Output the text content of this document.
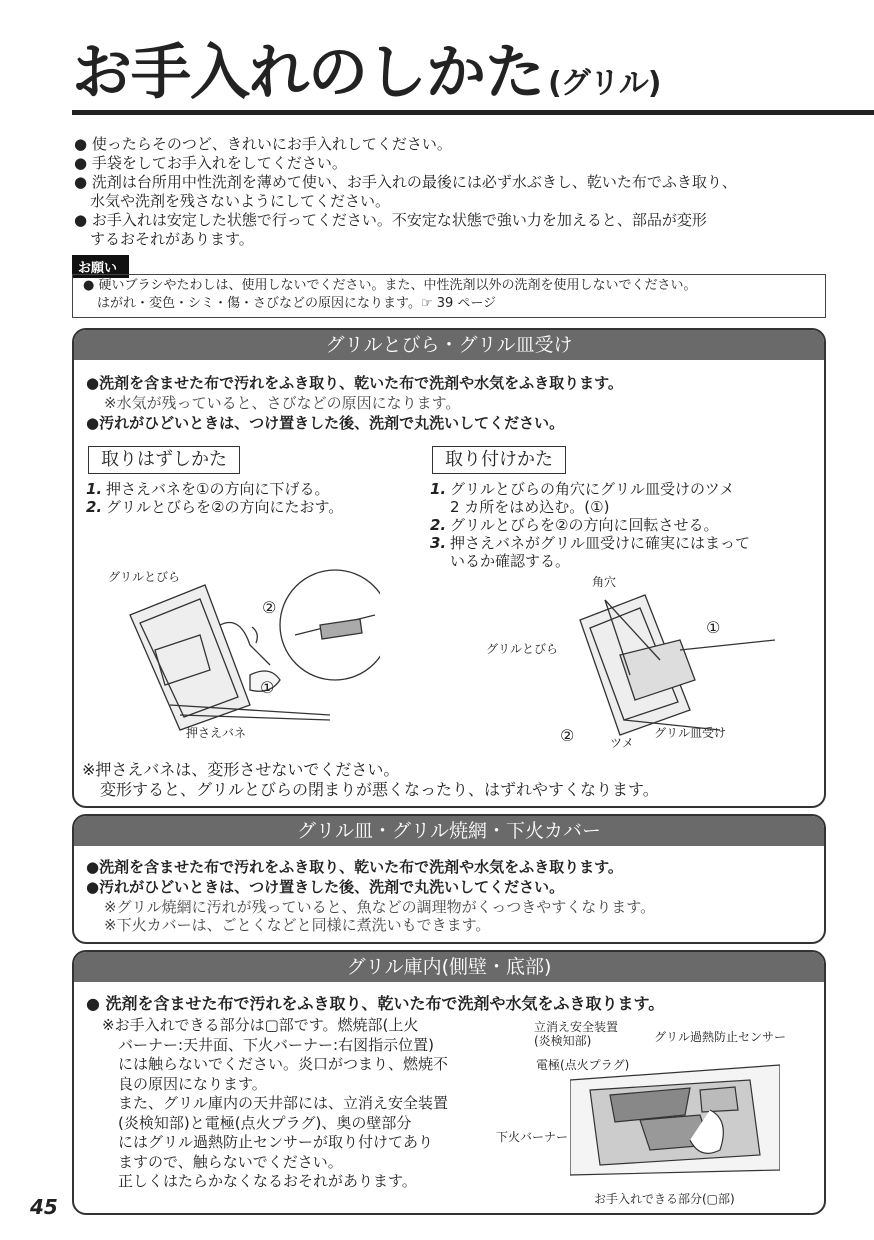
お手入れのしかた (グリル)

● 使ったらそのつど、きれいにお手入れしてください。

● 手袋をしてお手入れをしてください。

● 洗剤は台所用中性洗剤を薄めて使い、お手入れの最後には必ず水ぶきし、乾いた布でふき取り、

水気や洗剤を残さないようにしてください。

● お手入れは安定した状態で行ってください。不安定な状態で強い力を加えると、部品が変形

するおそれがあります。

お願い
● 硬いブラシやたわしは、使用しないでください。また、中性洗剤以外の洗剤を使用しないでください。
はがれ・変色・シミ・傷・さびなどの原因になります。☞ 39 ページ
グリルとびら・グリル皿受け
●洗剤を含ませた布で汚れをふき取り、乾いた布で洗剤や水気をふき取ります。
※水気が残っていると、さびなどの原因になります。
●汚れがひどいときは、つけ置きした後、洗剤で丸洗いしてください。
取りはずしかた
1. 押さえバネを①の方向に下げる。
2. グリルとびらを②の方向にたおす。
取り付けかた
1. グリルとびらの角穴にグリル皿受けのツメ
2 カ所をはめ込む。(①)
2. グリルとびらを②の方向に回転させる。
3. 押さえバネがグリル皿受けに確実にはまって
いるか確認する。
グリルとびら
押さえバネ
①
②
角穴
グリルとびら
グリル皿受け
ツメ
①
②
※押さえバネは、変形させないでください。
変形すると、グリルとびらの閉まりが悪くなったり、はずれやすくなります。
グリル皿・グリル焼網・下火カバー
●洗剤を含ませた布で汚れをふき取り、乾いた布で洗剤や水気をふき取ります。
●汚れがひどいときは、つけ置きした後、洗剤で丸洗いしてください。
※グリル焼網に汚れが残っていると、魚などの調理物がくっつきやすくなります。
※下火カバーは、ごとくなどと同様に煮洗いもできます。
グリル庫内(側壁・底部)
● 洗剤を含ませた布で汚れをふき取り、乾いた布で洗剤や水気をふき取ります。
※お手入れできる部分は▢部です。燃焼部(上火
バーナー:天井面、下火バーナー:右図指示位置)
には触らないでください。炎口がつまり、燃焼不
良の原因になります。
また、グリル庫内の天井部には、立消え安全装置
(炎検知部)と電極(点火プラグ)、奥の壁部分
にはグリル過熱防止センサーが取り付けてあり
ますので、触らないでください。
正しくはたらかなくなるおそれがあります。
立消え安全装置
(炎検知部)	グリル過熱防止センサー
電極(点火プラグ)
下火バーナー
お手入れできる部分(▢部)
45
